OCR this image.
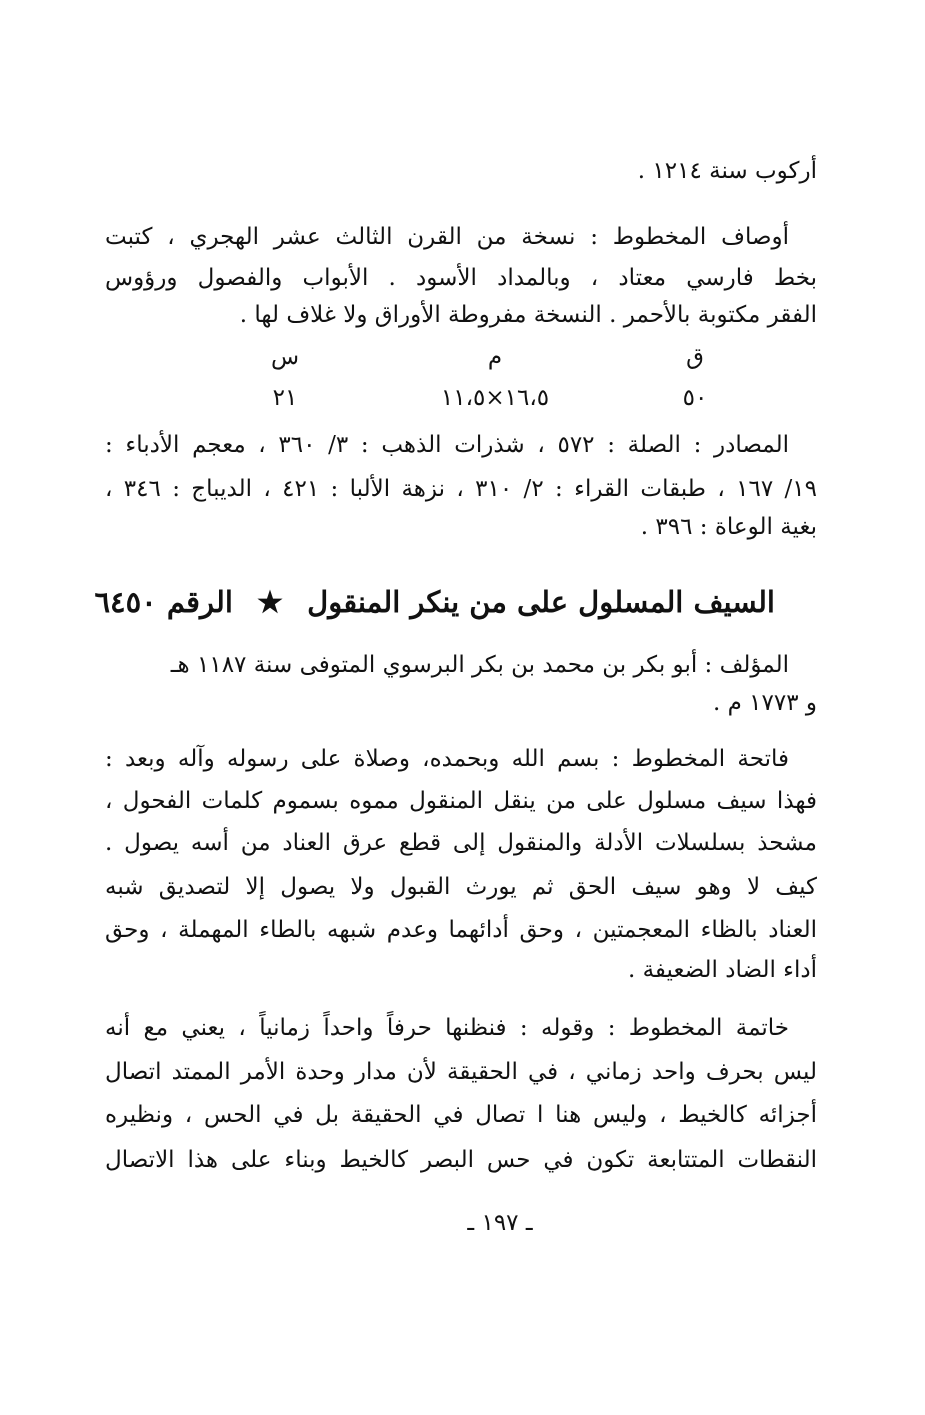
أركوب سنة ١٢١٤ .
أوصاف المخطوط : نسخة من القرن الثالث عشر الهجري ، كتبت
بخط فارسي معتاد ، وبالمداد الأسود . الأبواب والفصول ورؤوس
الفقر مكتوبة بالأحمر . النسخة مفروطة الأوراق ولا غلاف لها .
ق
م
س
٥٠
١٦،٥×١١،٥
٢١
المصادر : الصلة : ٥٧٢ ، شذرات الذهب : ٣/ ٣٦٠ ، معجم الأدباء :
١٩/ ١٦٧ ، طبقات القراء : ٢/ ٣١٠ ، نزهة الألبا : ٤٢١ ، الديباج : ٣٤٦ ،
بغية الوعاة : ٣٩٦ .
السيف المسلول على من ينكر المنقول ★ الرقم ٦٤٥٠
المؤلف : أبو بكر بن محمد بن بكر البرسوي المتوفى سنة ١١٨٧ هـ
و ١٧٧٣ م .
فاتحة المخطوط : بسم الله وبحمده، وصلاة على رسوله وآله وبعد :
فهذا سيف مسلول على من ينقل المنقول مموه بسموم كلمات الفحول ،
مشحذ بسلسلات الأدلة والمنقول إلى قطع عرق العناد من أسه يصول .
كيف لا وهو سيف الحق ثم يورث القبول ولا يصول إلا لتصديق شبه
العناد بالظاء المعجمتين ، وحق أدائهما وعدم شبهه بالطاء المهملة ، وحق
أداء الضاد الضعيفة .
خاتمة المخطوط : وقوله : فنظنها حرفاً واحداً زمانياً ، يعني مع أنه
ليس بحرف واحد زماني ، في الحقيقة لأن مدار وحدة الأمر الممتد اتصال
أجزائه كالخيط ، وليس هنا ا تصال في الحقيقة بل في الحس ، ونظيره
النقطات المتتابعة تكون في حس البصر كالخيط وبناء على هذا الاتصال
ـ ١٩٧ ـ
